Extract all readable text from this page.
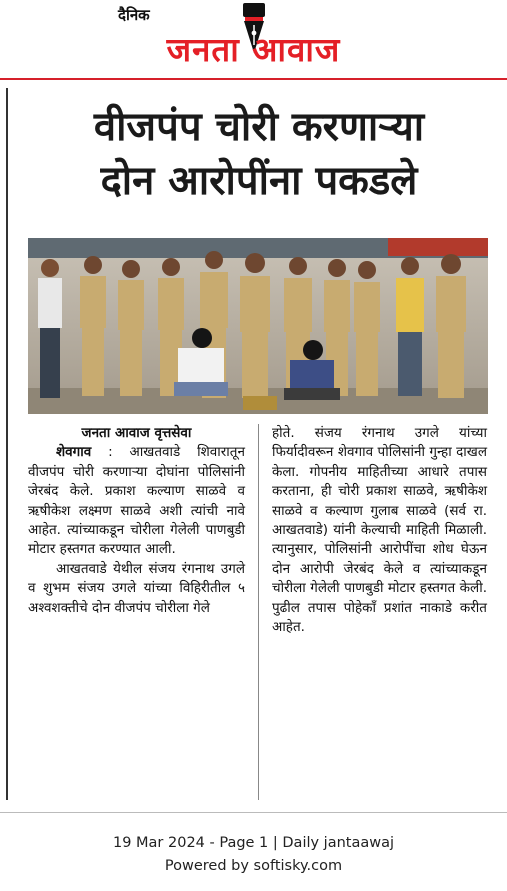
दैनिक
जनता आवाज
वीजपंप चोरी करणाऱ्या
दोन आरोपींना पकडले
जनता आवाज वृत्तसेवा

शेवगाव : आखतवाडे शिवारातून वीजपंप चोरी करणाऱ्या दोघांना पोलिसांनी जेरबंद केले. प्रकाश कल्याण साळवे व ऋषीकेश लक्ष्मण साळवे अशी त्यांची नावे आहेत. त्यांच्याकडून चोरीला गेलेली पाणबुडी मोटार हस्तगत करण्यात आली.

आखतवाडे येथील संजय रंगनाथ उगले व शुभम संजय उगले यांच्या विहिरीतील ५ अश्वशक्तीचे दोन वीजपंप चोरीला गेले

होते. संजय रंगनाथ उगले यांच्या फिर्यादीवरून शेवगाव पोलिसांनी गुन्हा दाखल केला. गोपनीय माहितीच्या आधारे तपास करताना, ही चोरी प्रकाश साळवे, ऋषीकेश साळवे व कल्याण गुलाब साळवे (सर्व रा. आखतवाडे) यांनी केल्याची माहिती मिळाली. त्यानुसार, पोलिसांनी आरोपींचा शोध घेऊन दोन आरोपी जेरबंद केले व त्यांच्याकडून चोरीला गेलेली पाणबुडी मोटार हस्तगत केली. पुढील तपास पोहेकाँ प्रशांत नाकाडे करीत आहेत.

19 Mar 2024 - Page 1 | Daily jantaawaj
Powered by softisky.com
